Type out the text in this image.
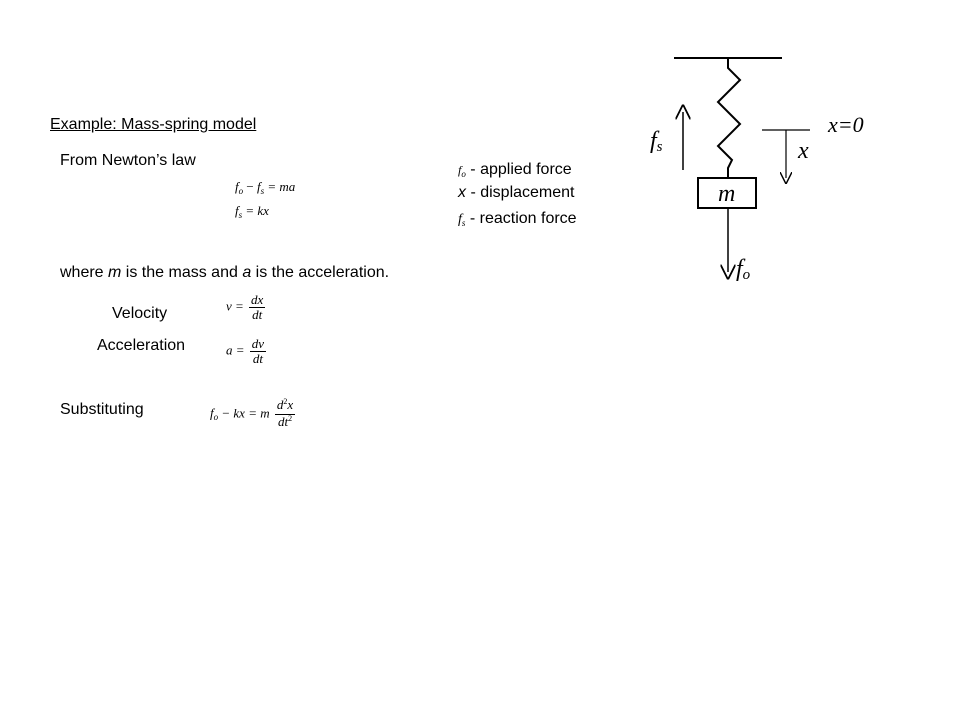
Example: Mass-spring model
From Newton’s law
$f_o - f_s$ = ma
$f_s$ = kx
where m is the mass and a is the acceleration.
Velocity	$v = \frac{dx}{dt}$
Acceleration	$a = \frac{dv}{dt}$
Substituting	$f_o$ − kx = m $\frac{d^2x}{dt^2}$
$f_o$ - applied force
x - displacement
$f_s$ - reaction force
m
fo
fs	x
x=0
